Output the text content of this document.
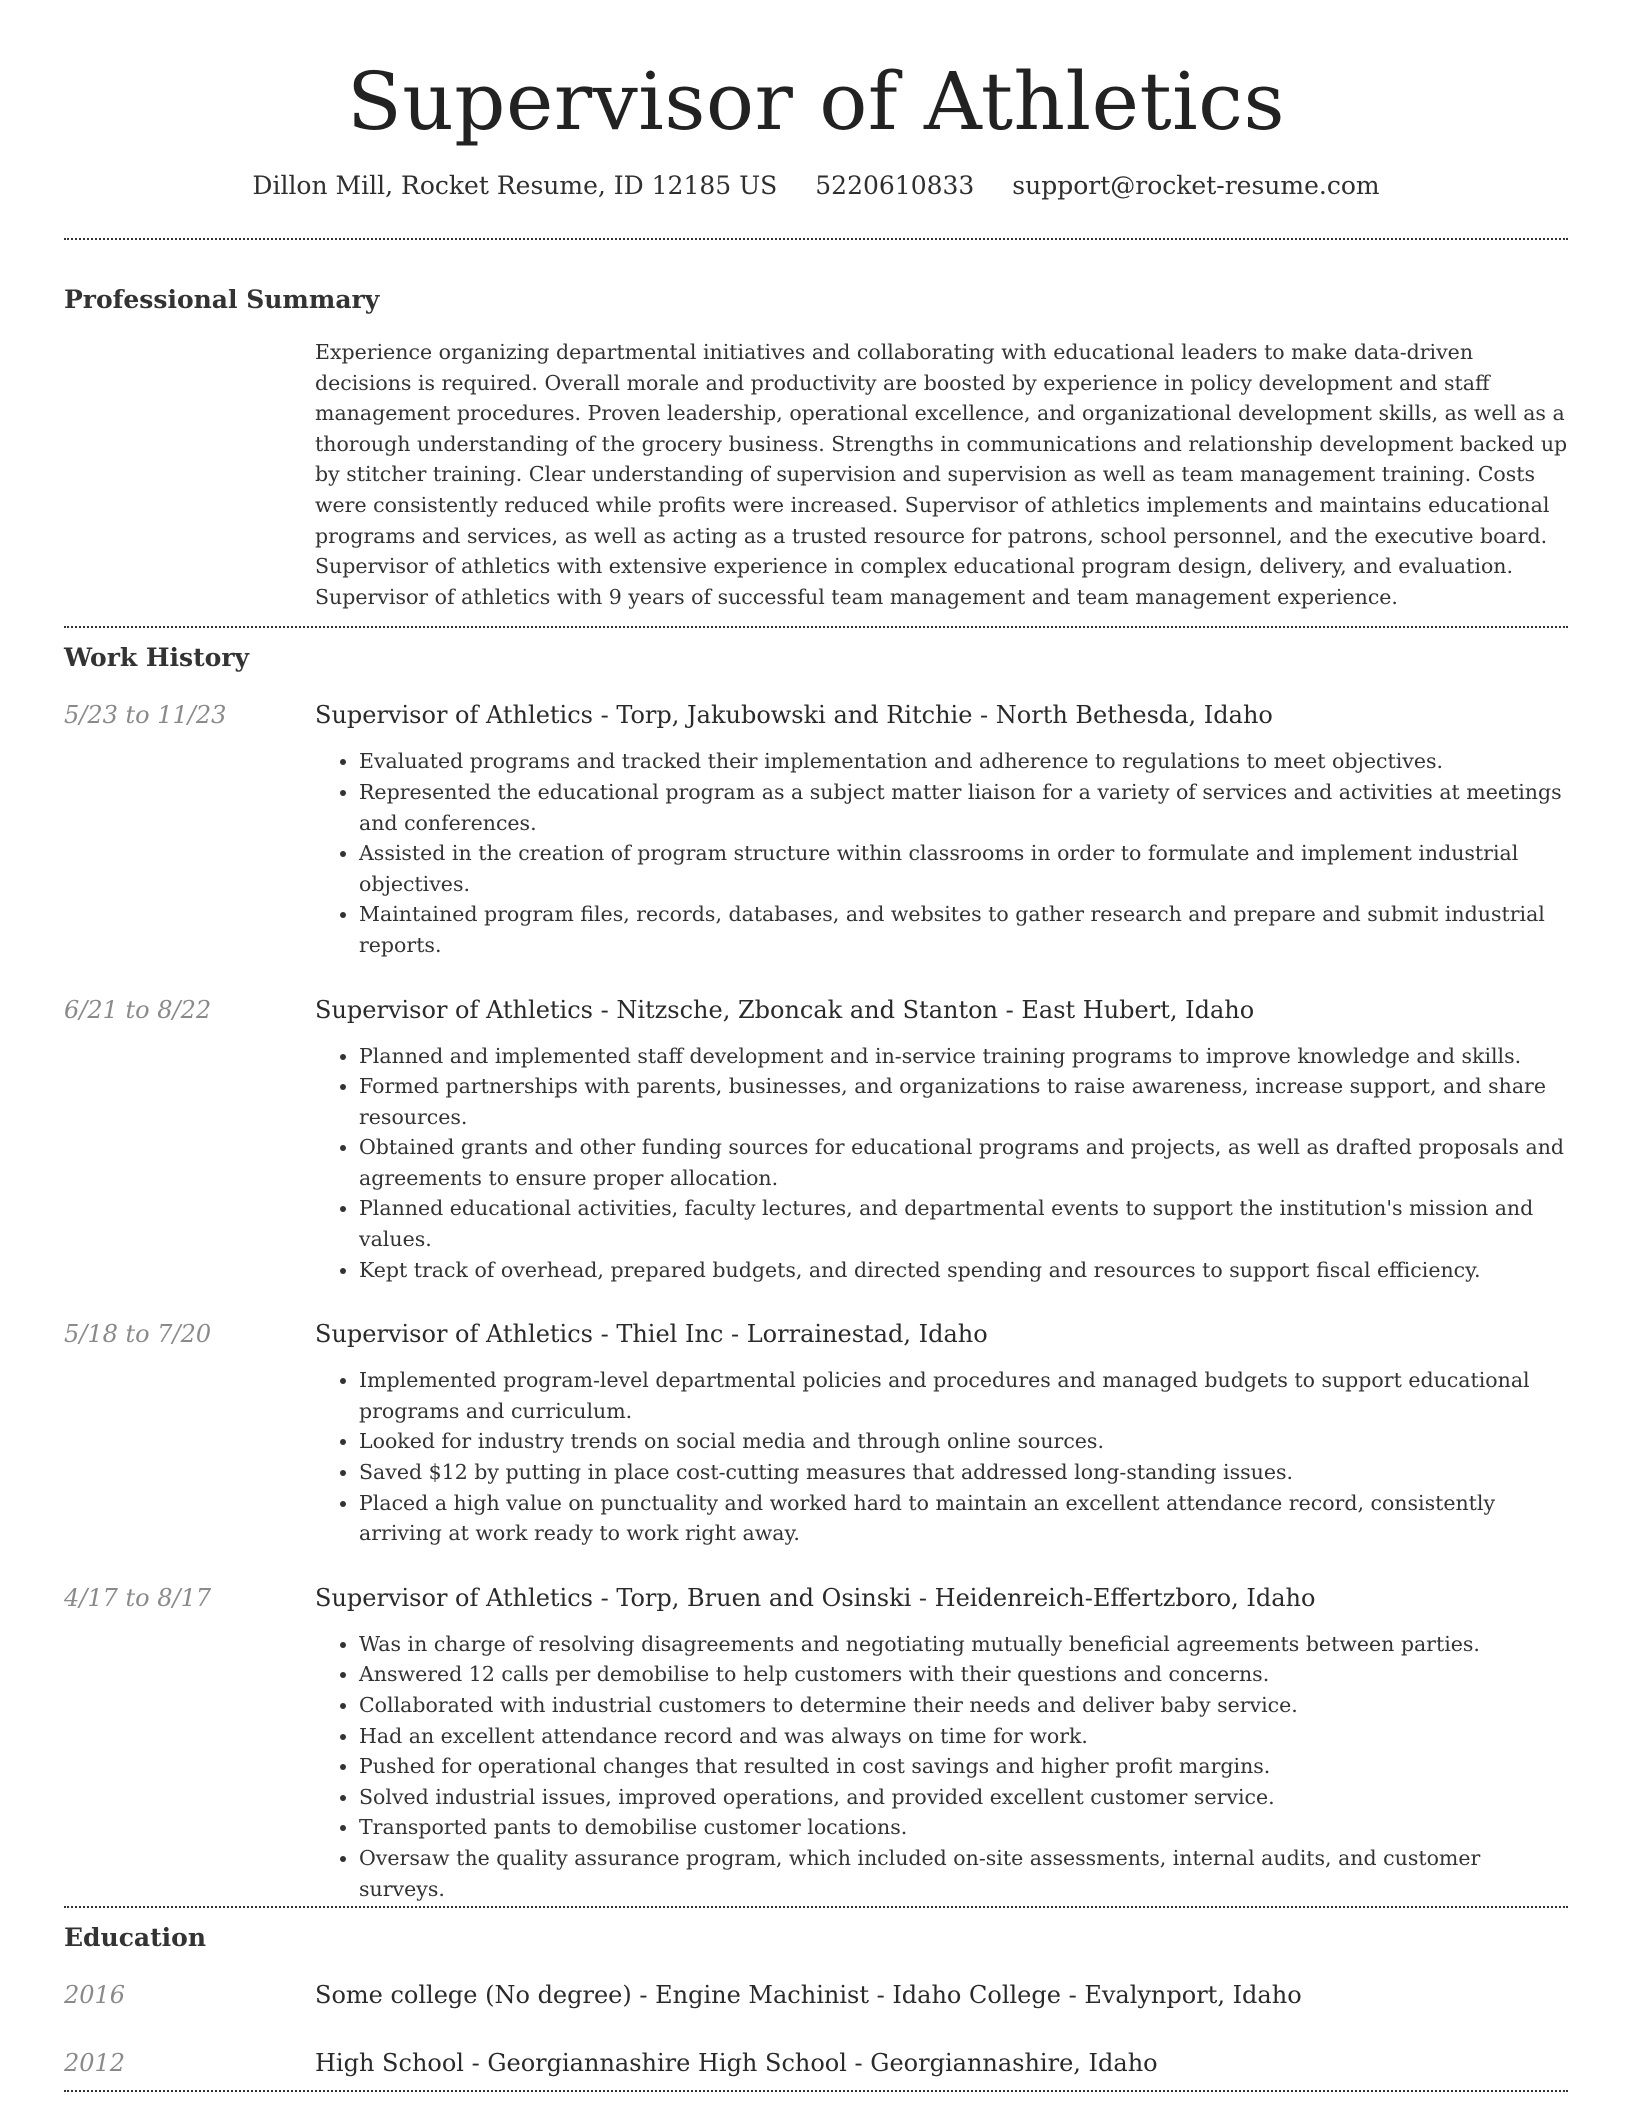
Supervisor of Athletics
Dillon Mill, Rocket Resume, ID 12185 US 5220610833 support@rocket-resume.com
Professional Summary

Experience organizing departmental initiatives and collaborating with educational leaders to make data-driven decisions is required. Overall morale and productivity are boosted by experience in policy development and staff management procedures. Proven leadership, operational excellence, and organizational development skills, as well as a thorough understanding of the grocery business. Strengths in communications and relationship development backed up by stitcher training. Clear understanding of supervision and supervision as well as team management training. Costs were consistently reduced while profits were increased. Supervisor of athletics implements and maintains educational programs and services, as well as acting as a trusted resource for patrons, school personnel, and the executive board. Supervisor of athletics with extensive experience in complex educational program design, delivery, and evaluation. Supervisor of athletics with 9 years of successful team management and team management experience.

Work History
5/23 to 11/23	Supervisor of Athletics - Torp, Jakubowski and Ritchie - North Bethesda, Idaho
• Evaluated programs and tracked their implementation and adherence to regulations to meet objectives.
• Represented the educational program as a subject matter liaison for a variety of services and activities at meetings and conferences.
• Assisted in the creation of program structure within classrooms in order to formulate and implement industrial objectives.
• Maintained program files, records, databases, and websites to gather research and prepare and submit industrial reports.
6/21 to 8/22	Supervisor of Athletics - Nitzsche, Zboncak and Stanton - East Hubert, Idaho
• Planned and implemented staff development and in-service training programs to improve knowledge and skills.
• Formed partnerships with parents, businesses, and organizations to raise awareness, increase support, and share resources.
• Obtained grants and other funding sources for educational programs and projects, as well as drafted proposals and agreements to ensure proper allocation.
• Planned educational activities, faculty lectures, and departmental events to support the institution's mission and values.
• Kept track of overhead, prepared budgets, and directed spending and resources to support fiscal efficiency.
5/18 to 7/20	Supervisor of Athletics - Thiel Inc - Lorrainestad, Idaho
• Implemented program-level departmental policies and procedures and managed budgets to support educational programs and curriculum.
• Looked for industry trends on social media and through online sources.
• Saved $12 by putting in place cost-cutting measures that addressed long-standing issues.
• Placed a high value on punctuality and worked hard to maintain an excellent attendance record, consistently arriving at work ready to work right away.
4/17 to 8/17	Supervisor of Athletics - Torp, Bruen and Osinski - Heidenreich-Effertzboro, Idaho
• Was in charge of resolving disagreements and negotiating mutually beneficial agreements between parties.
• Answered 12 calls per demobilise to help customers with their questions and concerns.
• Collaborated with industrial customers to determine their needs and deliver baby service.
• Had an excellent attendance record and was always on time for work.
• Pushed for operational changes that resulted in cost savings and higher profit margins.
• Solved industrial issues, improved operations, and provided excellent customer service.
• Transported pants to demobilise customer locations.
• Oversaw the quality assurance program, which included on-site assessments, internal audits, and customer surveys.
Education
2016	Some college (No degree) - Engine Machinist - Idaho College - Evalynport, Idaho
2012	High School - Georgiannashire High School - Georgiannashire, Idaho
